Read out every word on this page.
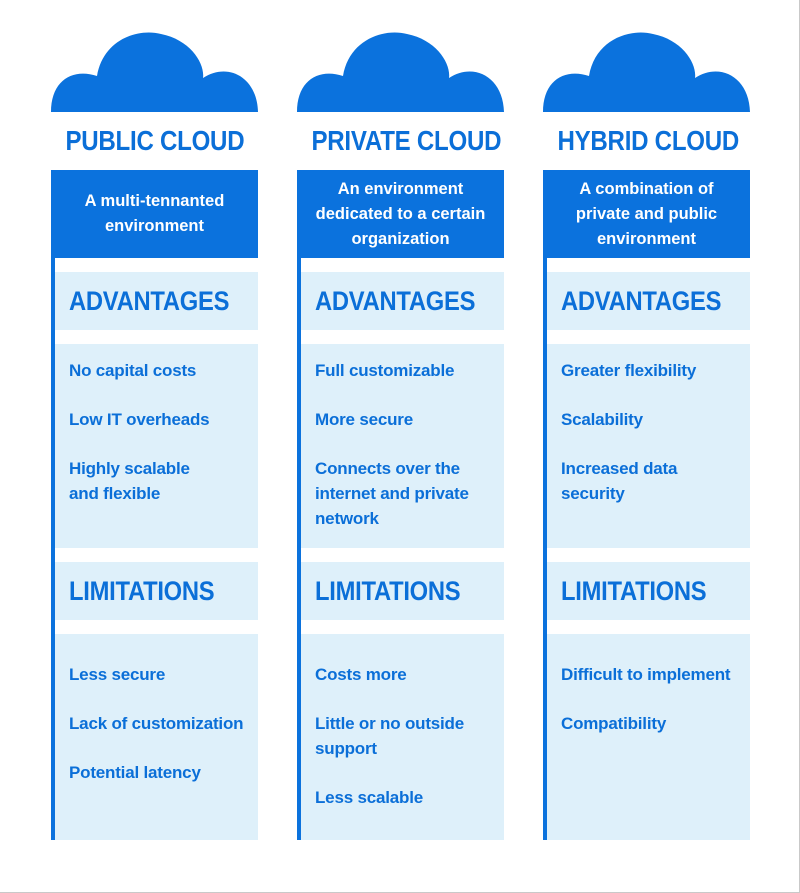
PUBLIC CLOUD
A multi-tennanted
environment
ADVANTAGES
No capital costs
Low IT overheads
Highly scalable
and flexible
LIMITATIONS
Less secure
Lack of customization
Potential latency
PRIVATE CLOUD
An environment
dedicated to a certain
organization
ADVANTAGES
Full customizable
More secure
Connects over the
internet and private
network
LIMITATIONS
Costs more
Little or no outside
support
Less scalable
HYBRID CLOUD
A combination of
private and public
environment
ADVANTAGES
Greater flexibility
Scalability
Increased data
security
LIMITATIONS
Difficult to implement
Compatibility
